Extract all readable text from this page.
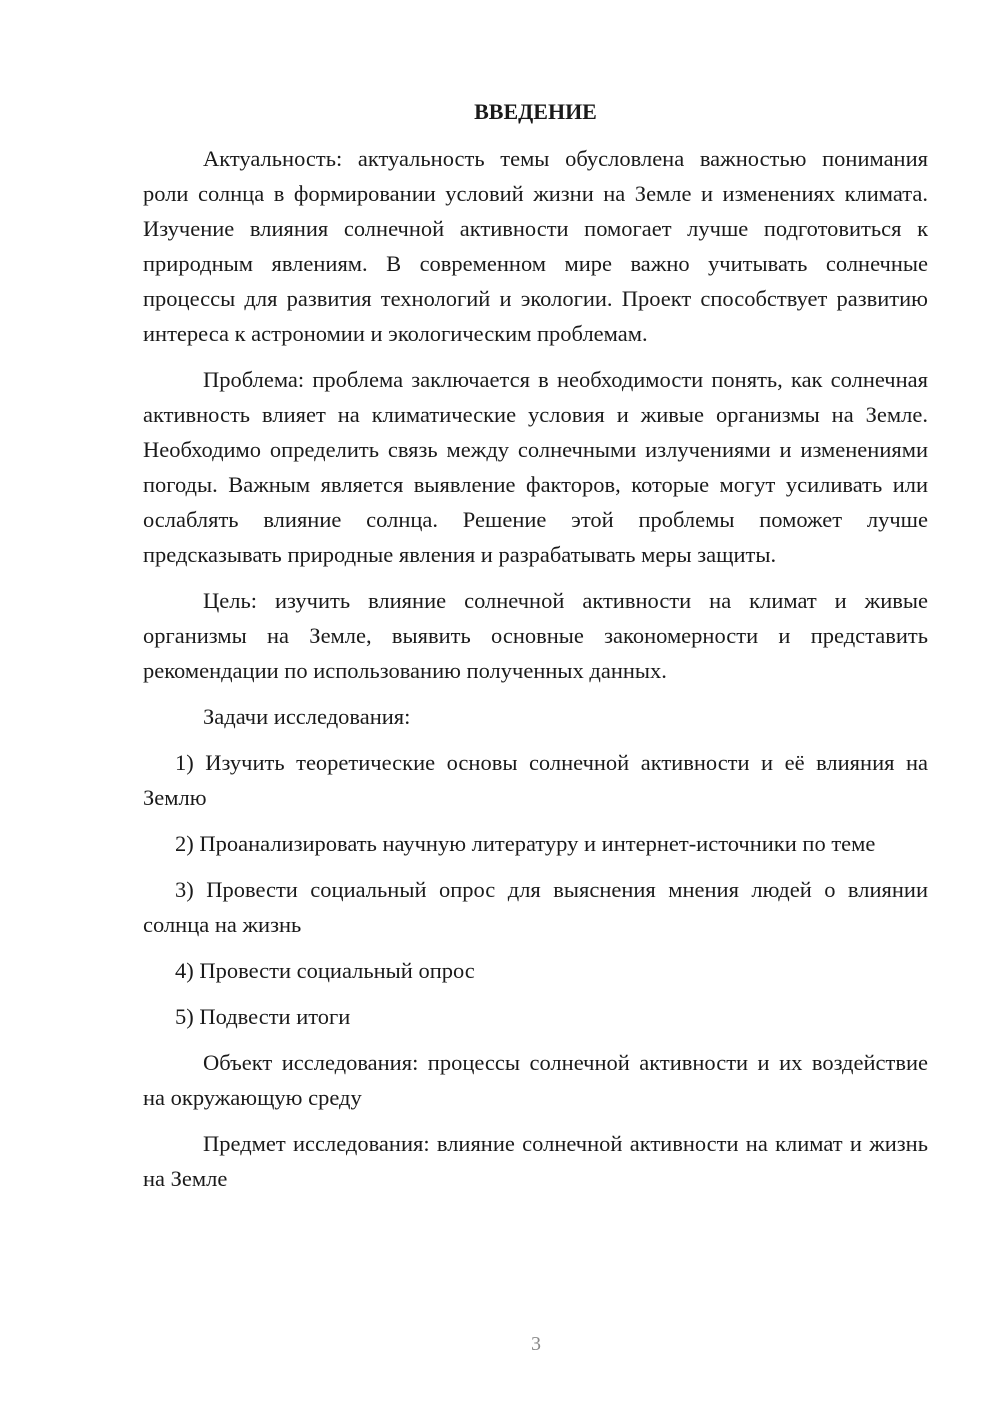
ВВЕДЕНИЕ

Актуальность: актуальность темы обусловлена важностью понимания роли солнца в формировании условий жизни на Земле и изменениях климата. Изучение влияния солнечной активности помогает лучше подготовиться к природным явлениям. В современном мире важно учитывать солнечные процессы для развития технологий и экологии. Проект способствует развитию интереса к астрономии и экологическим проблемам.

Проблема: проблема заключается в необходимости понять, как солнечная активность влияет на климатические условия и живые организмы на Земле. Необходимо определить связь между солнечными излучениями и изменениями погоды. Важным является выявление факторов, которые могут усиливать или ослаблять влияние солнца. Решение этой проблемы поможет лучше предсказывать природные явления и разрабатывать меры защиты.

Цель: изучить влияние солнечной активности на климат и живые организмы на Земле, выявить основные закономерности и представить рекомендации по использованию полученных данных.

Задачи исследования:

1) Изучить теоретические основы солнечной активности и её влияния на Землю

2) Проанализировать научную литературу и интернет-источники по теме

3) Провести социальный опрос для выяснения мнения людей о влиянии солнца на жизнь

4) Провести социальный опрос

5) Подвести итоги

Объект исследования: процессы солнечной активности и их воздействие на окружающую среду

Предмет исследования: влияние солнечной активности на климат и жизнь на Земле

3
